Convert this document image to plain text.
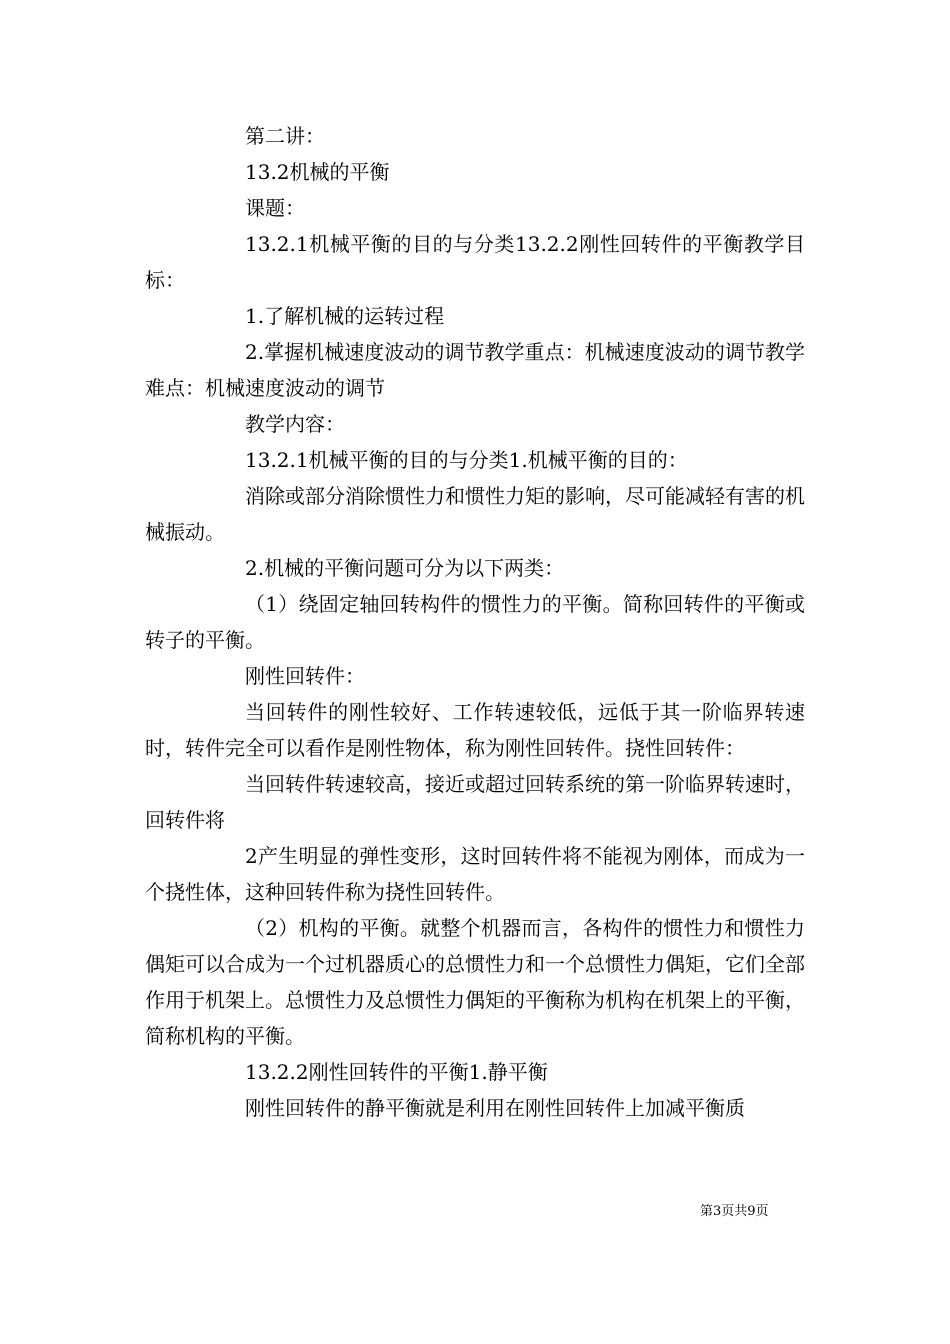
第二讲：

13.2机械的平衡

课题：

13.2.1机械平衡的目的与分类13.2.2刚性回转件的平衡教学目标：

1.了解机械的运转过程

2.掌握机械速度波动的调节教学重点：机械速度波动的调节教学难点：机械速度波动的调节

教学内容：

13.2.1机械平衡的目的与分类1.机械平衡的目的：

消除或部分消除惯性力和惯性力矩的影响，尽可能减轻有害的机械振动。

2.机械的平衡问题可分为以下两类：

（1）绕固定轴回转构件的惯性力的平衡。简称回转件的平衡或转子的平衡。

刚性回转件：

当回转件的刚性较好、工作转速较低，远低于其一阶临界转速时，转件完全可以看作是刚性物体，称为刚性回转件。挠性回转件：

当回转件转速较高，接近或超过回转系统的第一阶临界转速时，回转件将

2产生明显的弹性变形，这时回转件将不能视为刚体，而成为一个挠性体，这种回转件称为挠性回转件。

（2）机构的平衡。就整个机器而言，各构件的惯性力和惯性力偶矩可以合成为一个过机器质心的总惯性力和一个总惯性力偶矩，它们全部作用于机架上。总惯性力及总惯性力偶矩的平衡称为机构在机架上的平衡，简称机构的平衡。

13.2.2刚性回转件的平衡1.静平衡

刚性回转件的静平衡就是利用在刚性回转件上加减平衡质

第3页共9页
